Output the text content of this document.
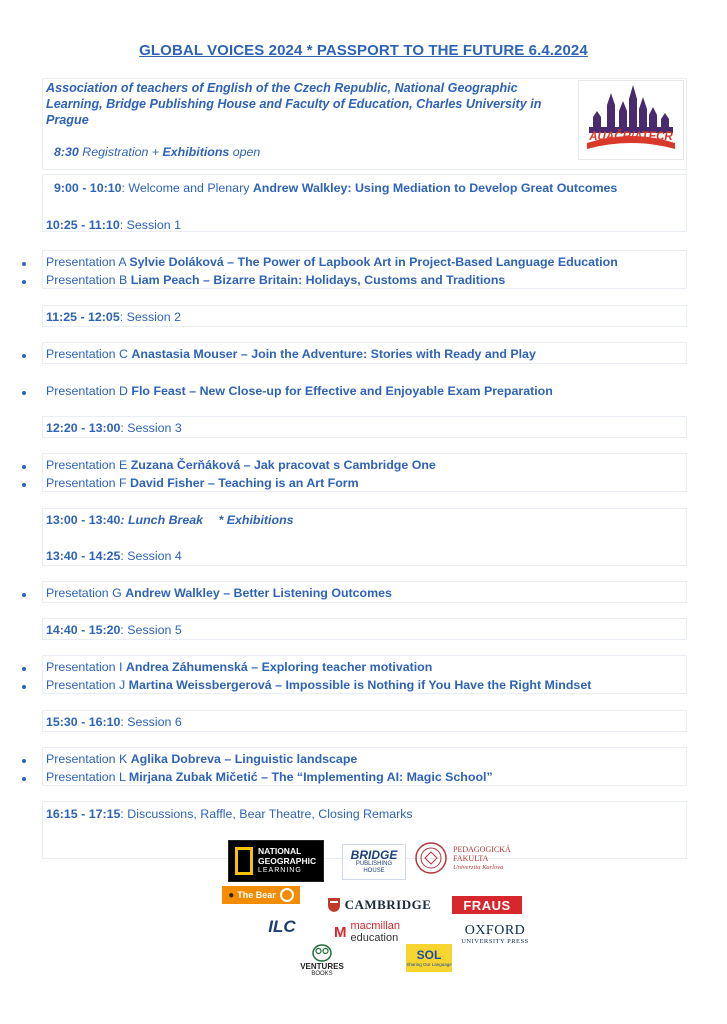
GLOBAL VOICES 2024 * PASSPORT TO THE FUTURE 6.4.2024
Association of teachers of English of the Czech Republic, National Geographic Learning, Bridge Publishing House and Faculty of Education, Charles University in Prague
AUAČR/ATECR
8:30 Registration + Exhibitions open
9:00 - 10:10: Welcome and Plenary Andrew Walkley: Using Mediation to Develop Great Outcomes
10:25 - 11:10: Session 1
Presentation A Sylvie Doláková – The Power of Lapbook Art in Project-Based Language Education
Presentation B Liam Peach – Bizarre Britain: Holidays, Customs and Traditions
11:25 - 12:05: Session 2
Presentation C Anastasia Mouser – Join the Adventure: Stories with Ready and Play
Presentation D Flo Feast – New Close-up for Effective and Enjoyable Exam Preparation
12:20 - 13:00: Session 3
Presentation E Zuzana Čerňáková – Jak pracovat s Cambridge One
Presentation F David Fisher – Teaching is an Art Form
13:00 - 13:40: Lunch Break * Exhibitions
13:40 - 14:25: Session 4
Presetation G Andrew Walkley – Better Listening Outcomes
14:40 - 15:20: Session 5
Presentation I Andrea Záhumenská – Exploring teacher motivation
Presentation J Martina Weissbergerová – Impossible is Nothing if You Have the Right Mindset
15:30 - 16:10: Session 6
Presentation K Aglika Dobreva – Linguistic landscape
Presentation L Mirjana Zubak Mičetić – The “Implementing AI: Magic School”
16:15 - 17:15: Discussions, Raffle, Bear Theatre, Closing Remarks
NATIONAL
GEOGRAPHIC
LEARNING
BRIDGE
PUBLISHING
HOUSE
PEDAGOGICKÁ
FAKULTA
Univerzita Karlova
● The Bear
CAMBRIDGE FRAUS
ILC	M macmillan
education
OXFORD
UNIVERSITY PRESS
VENTURES
BOOKS
SOL
Sharing Our Language
